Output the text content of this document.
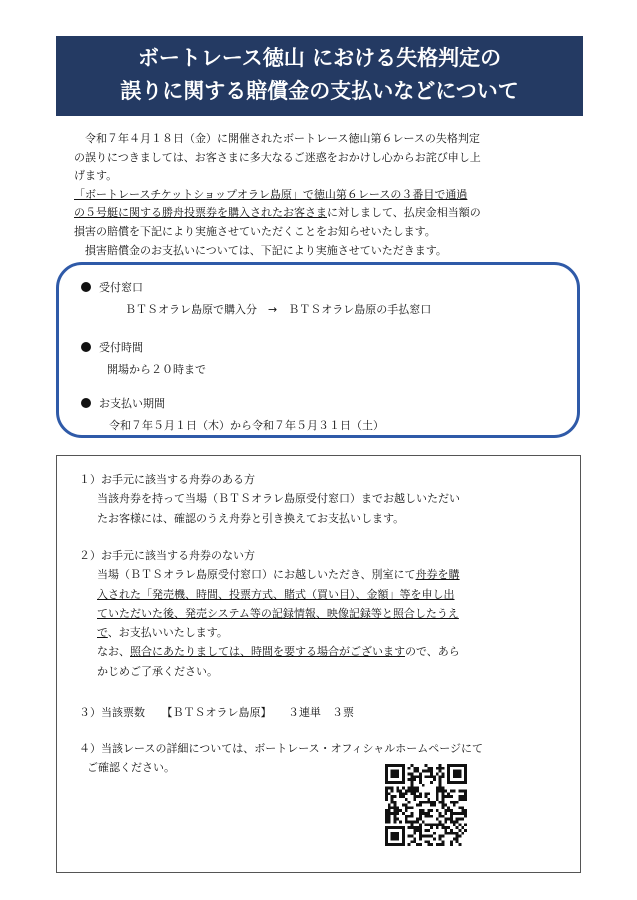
ボートレース徳山 における失格判定の
誤りに関する賠償金の支払いなどについて

令和７年４月１８日（金）に開催されたボートレース徳山第６レースの失格判定

の誤りにつきましては、お客さまに多大なるご迷惑をおかけし心からお詫び申し上

げます。

「ボートレースチケットショップオラレ島原」で徳山第６レースの３番目で通過

の５号艇に関する勝舟投票券を購入されたお客さまに対しまして、払戻金相当額の

損害の賠償を下記により実施させていただくことをお知らせいたします。

損害賠償金のお支払いについては、下記により実施させていただきます。

受付窓口
ＢＴＳオラレ島原で購入分　→　ＢＴＳオラレ島原の手払窓口
受付時間
開場から２０時まで
お支払い期間
令和７年５月１日（木）から令和７年５月３１日（土）

１）お手元に該当する舟券のある方

当該舟券を持って当場（ＢＴＳオラレ島原受付窓口）までお越しいただい

たお客様には、確認のうえ舟券と引き換えてお支払いします。

２）お手元に該当する舟券のない方

当場（ＢＴＳオラレ島原受付窓口）にお越しいただき、別室にて舟券を購

入された「発売機、時間、投票方式、賭式（買い目）、金額」等を申し出

ていただいた後、発売システム等の記録情報、映像記録等と照合したうえ

で、お支払いいたします。

なお、照合にあたりましては、時間を要する場合がございますので、あら

かじめご了承ください。

３）当該票数　　【ＢＴＳオラレ島原】　　３連単　３票

４）当該レースの詳細については、ボートレース・オフィシャルホームページにて

ご確認ください。
